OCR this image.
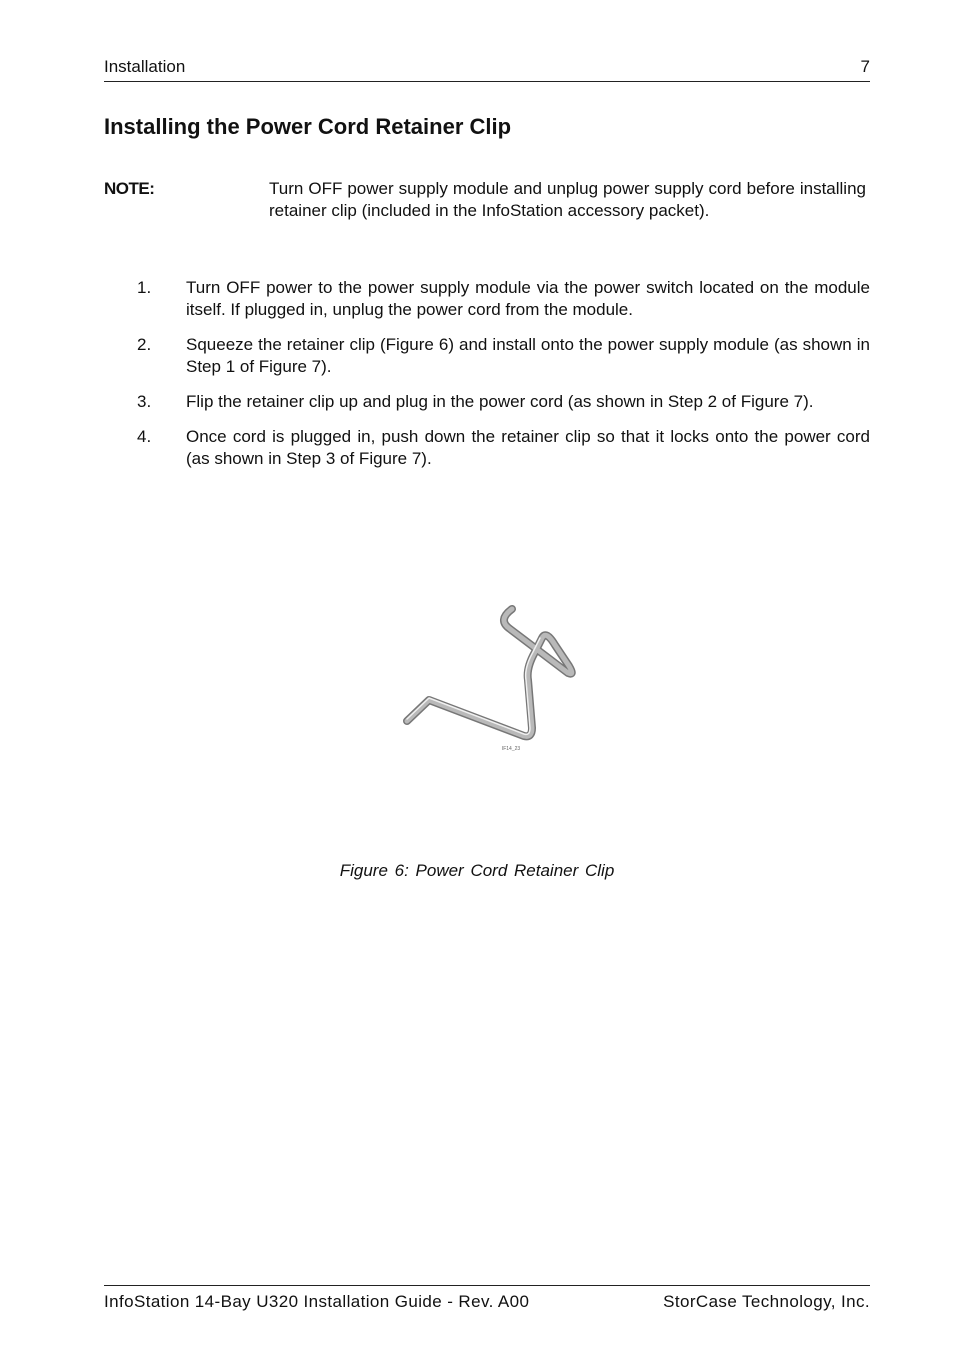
Installation	7
Installing the Power Cord Retainer Clip
NOTE:	Turn OFF power supply module and unplug power supply cord before installing retainer clip (included in the InfoStation accessory packet).
1. Turn OFF power to the power supply module via the power switch located on the module itself. If plugged in, unplug the power cord from the module.
2. Squeeze the retainer clip (Figure 6) and install onto the power supply module (as shown in Step 1 of Figure 7).
3. Flip the retainer clip up and plug in the power cord (as shown in Step 2 of Figure 7).
4. Once cord is plugged in, push down the retainer clip so that it locks onto the power cord (as shown in Step 3 of Figure 7).
IF14_23
Figure 6: Power Cord Retainer Clip
InfoStation 14-Bay U320 Installation Guide - Rev. A00	StorCase Technology, Inc.
